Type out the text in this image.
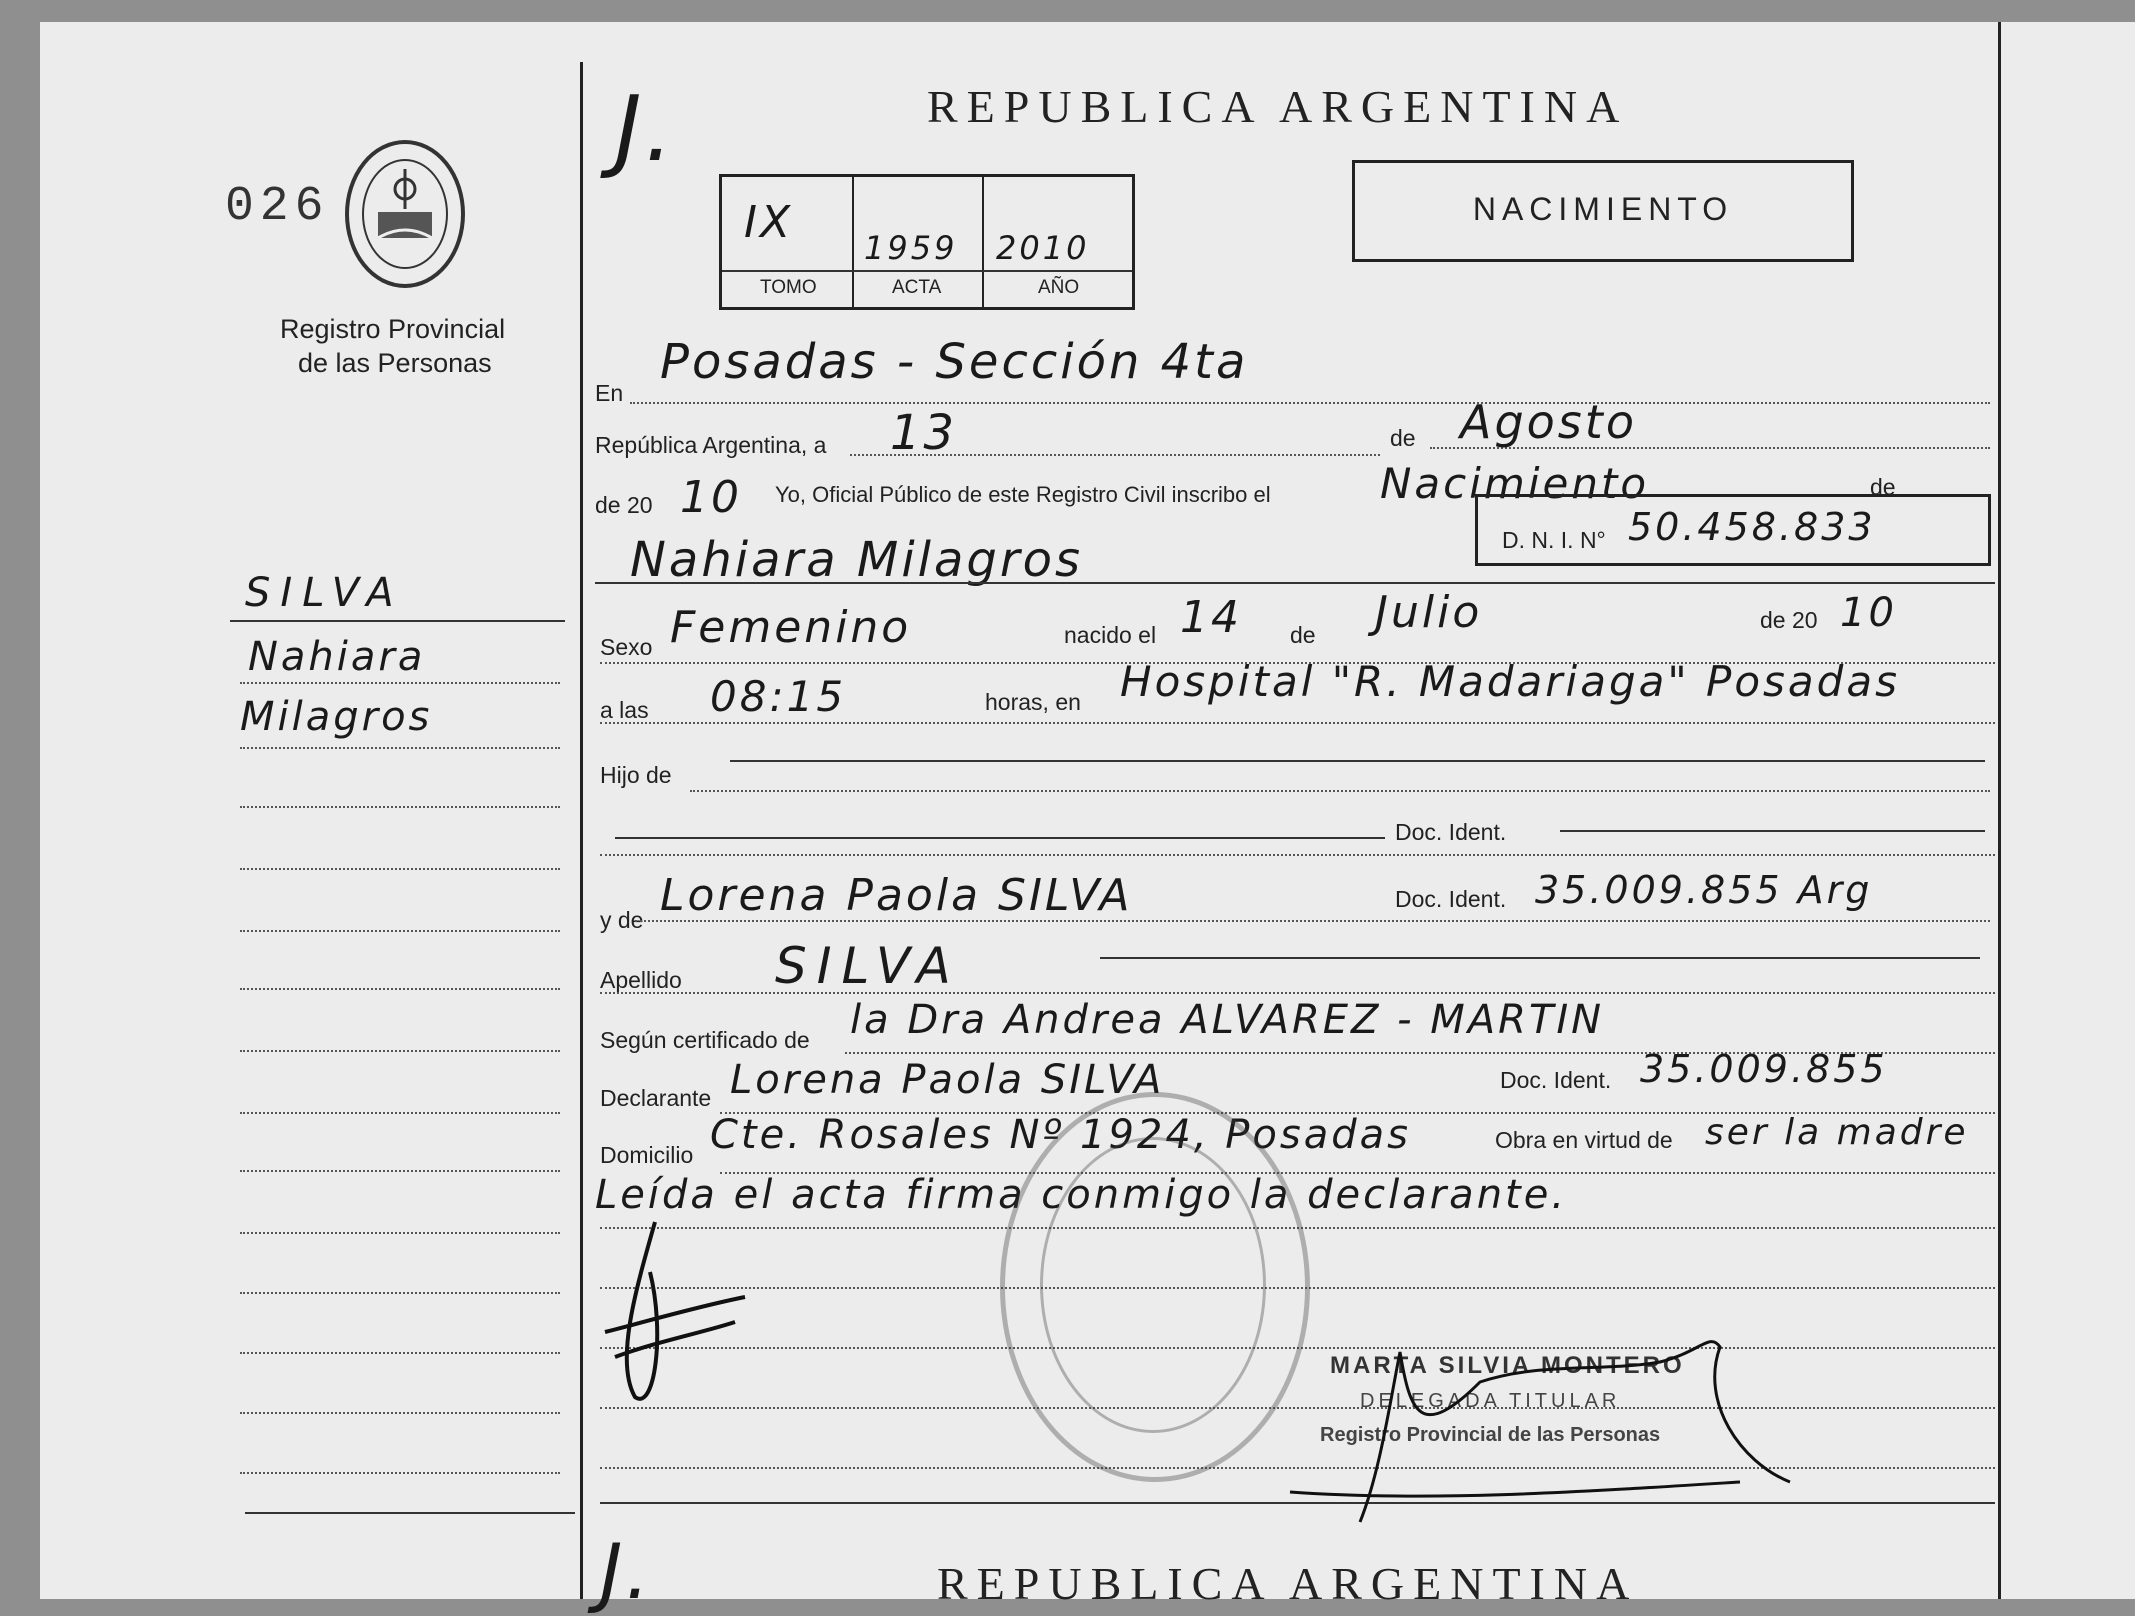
026
Registro Provincial
de las Personas
SILVA
Nahiara
Milagros
J.	REPUBLICA ARGENTINA
IX 1959 2010
TOMO	ACTA	AÑO
NACIMIENTO
En
Posadas - Sección 4ta
República Argentina, a 13	de Agosto
de 20 10 Yo, Oficial Público de este Registro Civil inscribo el	Nacimiento	de
Nahiara Milagros	D. N. I. N° 50.458.833
Sexo Femenino	nacido el 14 de Julio	de 20 10
a las 08:15	horas, en Hospital "R. Madariaga" Posadas
Hijo de
Doc. Ident.
y de Lorena Paola SILVA	Doc. Ident. 35.009.855 Arg
Apellido SILVA
Según certificado de la Dra Andrea ALVAREZ - MARTIN
Declarante Lorena Paola SILVA	Doc. Ident. 35.009.855
Domicilio Cte. Rosales Nº 1924, Posadas	Obra en virtud de ser la madre
Leída el acta firma conmigo la declarante.
MARTA SILVIA MONTERO
DELEGADA TITULAR
Registro Provincial de las Personas
J.	REPUBLICA ARGENTINA
